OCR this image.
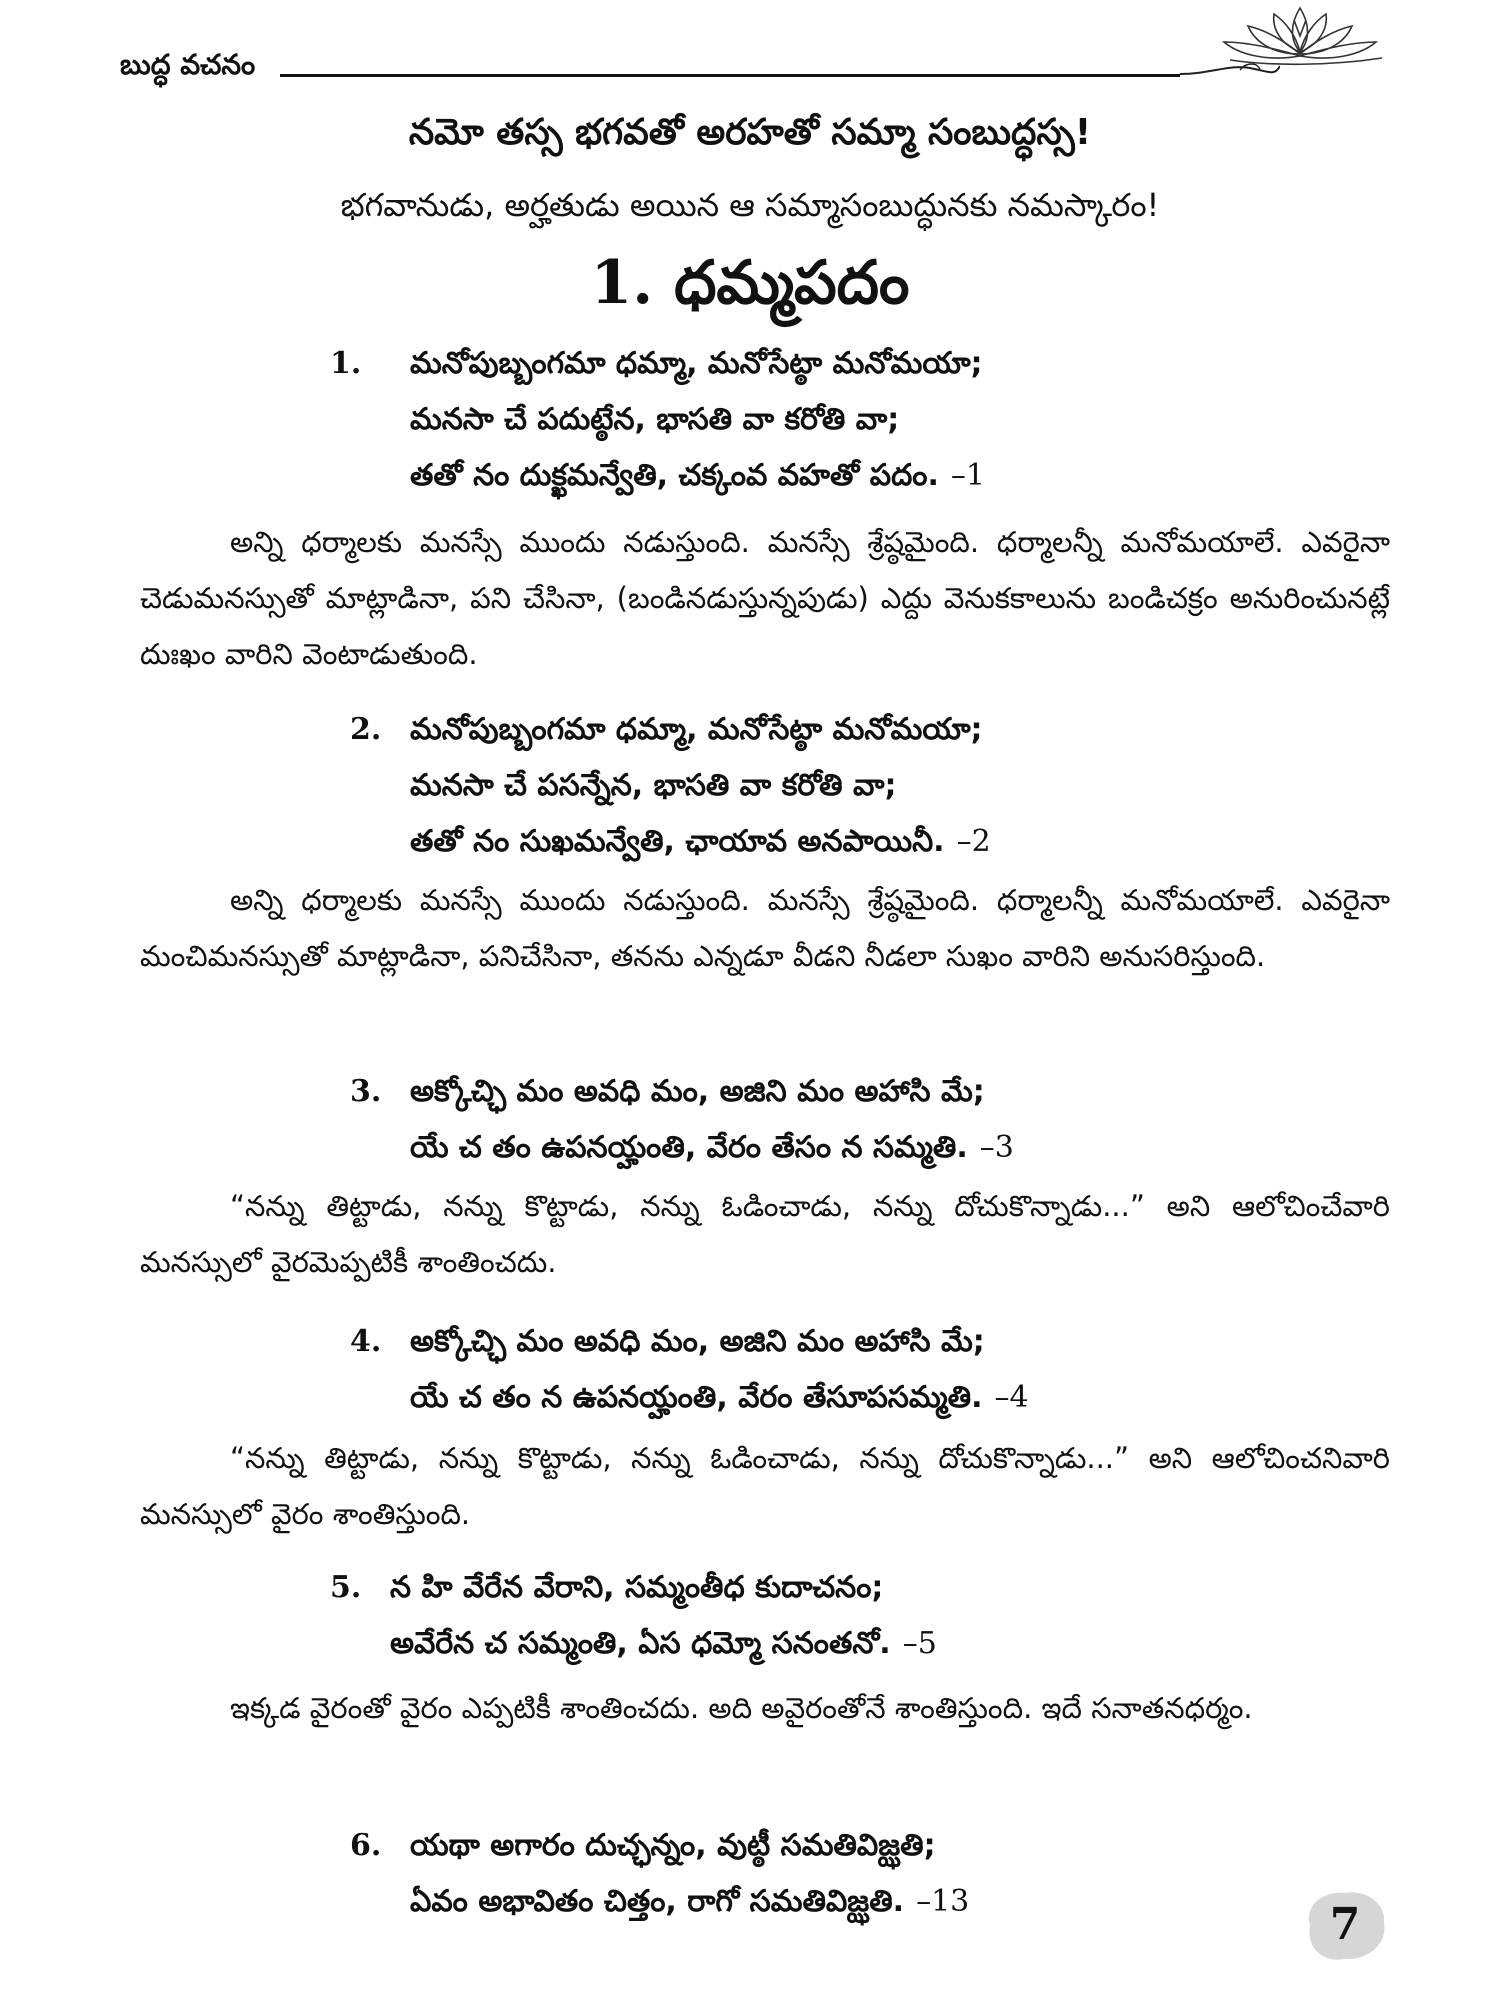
బుద్ధ వచనం
నమో తస్స భగవతో అరహతో సమ్మా సంబుద్ధస్స!
భగవానుడు, అర్హతుడు అయిన ఆ సమ్మాసంబుద్ధునకు నమస్కారం!
1. ధమ్మపదం
1. మనోపుబ్బంగమా ధమ్మా, మనోసేట్ఠా మనోమయా;
మనసా చే పదుట్ఠేన, భాసతి వా కరోతి వా;
తతో నం దుక్ఖమన్వేతి, చక్కంవ వహతో పదం. –1

అన్ని ధర్మాలకు మనస్సే ముందు నడుస్తుంది. మనస్సే శ్రేష్ఠమైంది. ధర్మాలన్నీ మనోమయాలే. ఎవరైనా చెడుమనస్సుతో మాట్లాడినా, పని చేసినా, (బండినడుస్తున్నపుడు) ఎద్దు వెనుకకాలును బండిచక్రం అనురించునట్లే దుఃఖం వారిని వెంటాడుతుంది.

2. మనోపుబ్బంగమా ధమ్మా, మనోసేట్ఠా మనోమయా;
మనసా చే పసన్నేన, భాసతి వా కరోతి వా;
తతో నం సుఖమన్వేతి, ఛాయావ అనపాయినీ. –2

అన్ని ధర్మాలకు మనస్సే ముందు నడుస్తుంది. మనస్సే శ్రేష్ఠమైంది. ధర్మాలన్నీ మనోమయాలే. ఎవరైనా మంచిమనస్సుతో మాట్లాడినా, పనిచేసినా, తనను ఎన్నడూ వీడని నీడలా సుఖం వారిని అనుసరిస్తుంది.

3. అక్కోచ్ఛి మం అవధి మం, అజిని మం అహాసి మే;
యే చ తం ఉపనయ్హంతి, వేరం తేసం న సమ్మతి. –3

“నన్ను తిట్టాడు, నన్ను కొట్టాడు, నన్ను ఓడించాడు, నన్ను దోచుకొన్నాడు...” అని ఆలోచించేవారి మనస్సులో వైరమెప్పటికీ శాంతించదు.

4. అక్కోచ్ఛి మం అవధి మం, అజిని మం అహాసి మే;
యే చ తం న ఉపనయ్హంతి, వేరం తేసూపసమ్మతి. –4

“నన్ను తిట్టాడు, నన్ను కొట్టాడు, నన్ను ఓడించాడు, నన్ను దోచుకొన్నాడు...” అని ఆలోచించనివారి మనస్సులో వైరం శాంతిస్తుంది.

5. న హి వేరేన వేరాని, సమ్మంతీధ కుదాచనం;
అవేరేన చ సమ్మంతి, ఏస ధమ్మో సనంతనో. –5

ఇక్కడ వైరంతో వైరం ఎప్పటికీ శాంతించదు. అది అవైరంతోనే శాంతిస్తుంది. ఇదే సనాతనధర్మం.

6. యథా అగారం దుచ్ఛన్నం, వుట్ఠీ సమతివిజ్ఝతి;
ఏవం అభావితం చిత్తం, రాగో సమతివిజ్ఝతి. –13	7
